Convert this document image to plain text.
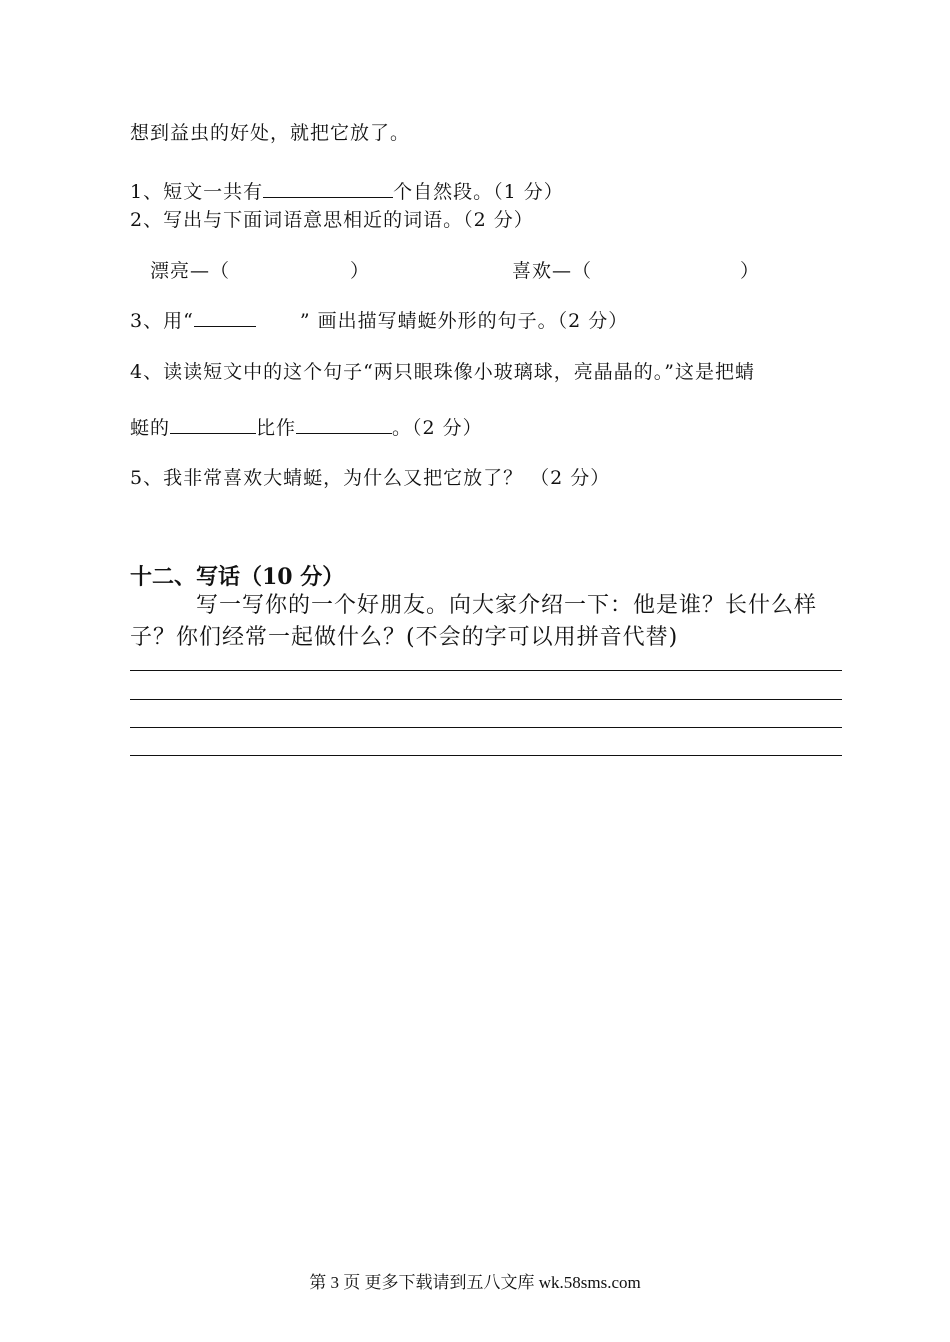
想到益虫的好处，就把它放了。
1、短文一共有	个自然段。（1 分）
2、写出与下面词语意思相近的词语。（2 分）
漂亮—（	）	喜欢—（	）
3、用“	” 画出描写蜻蜓外形的句子。（2 分）
4、读读短文中的这个句子“两只眼珠像小玻璃球，亮晶晶的。”这是把蜻
蜓的	比作	。（2 分）
5、我非常喜欢大蜻蜓，为什么又把它放了？ （2 分）
十二、写话（10 分）
写一写你的一个好朋友。向大家介绍一下：他是谁？长什么样子？你们经常一起做什么？(不会的字可以用拼音代替)
第 3 页 更多下载请到五八文库 wk.58sms.com
